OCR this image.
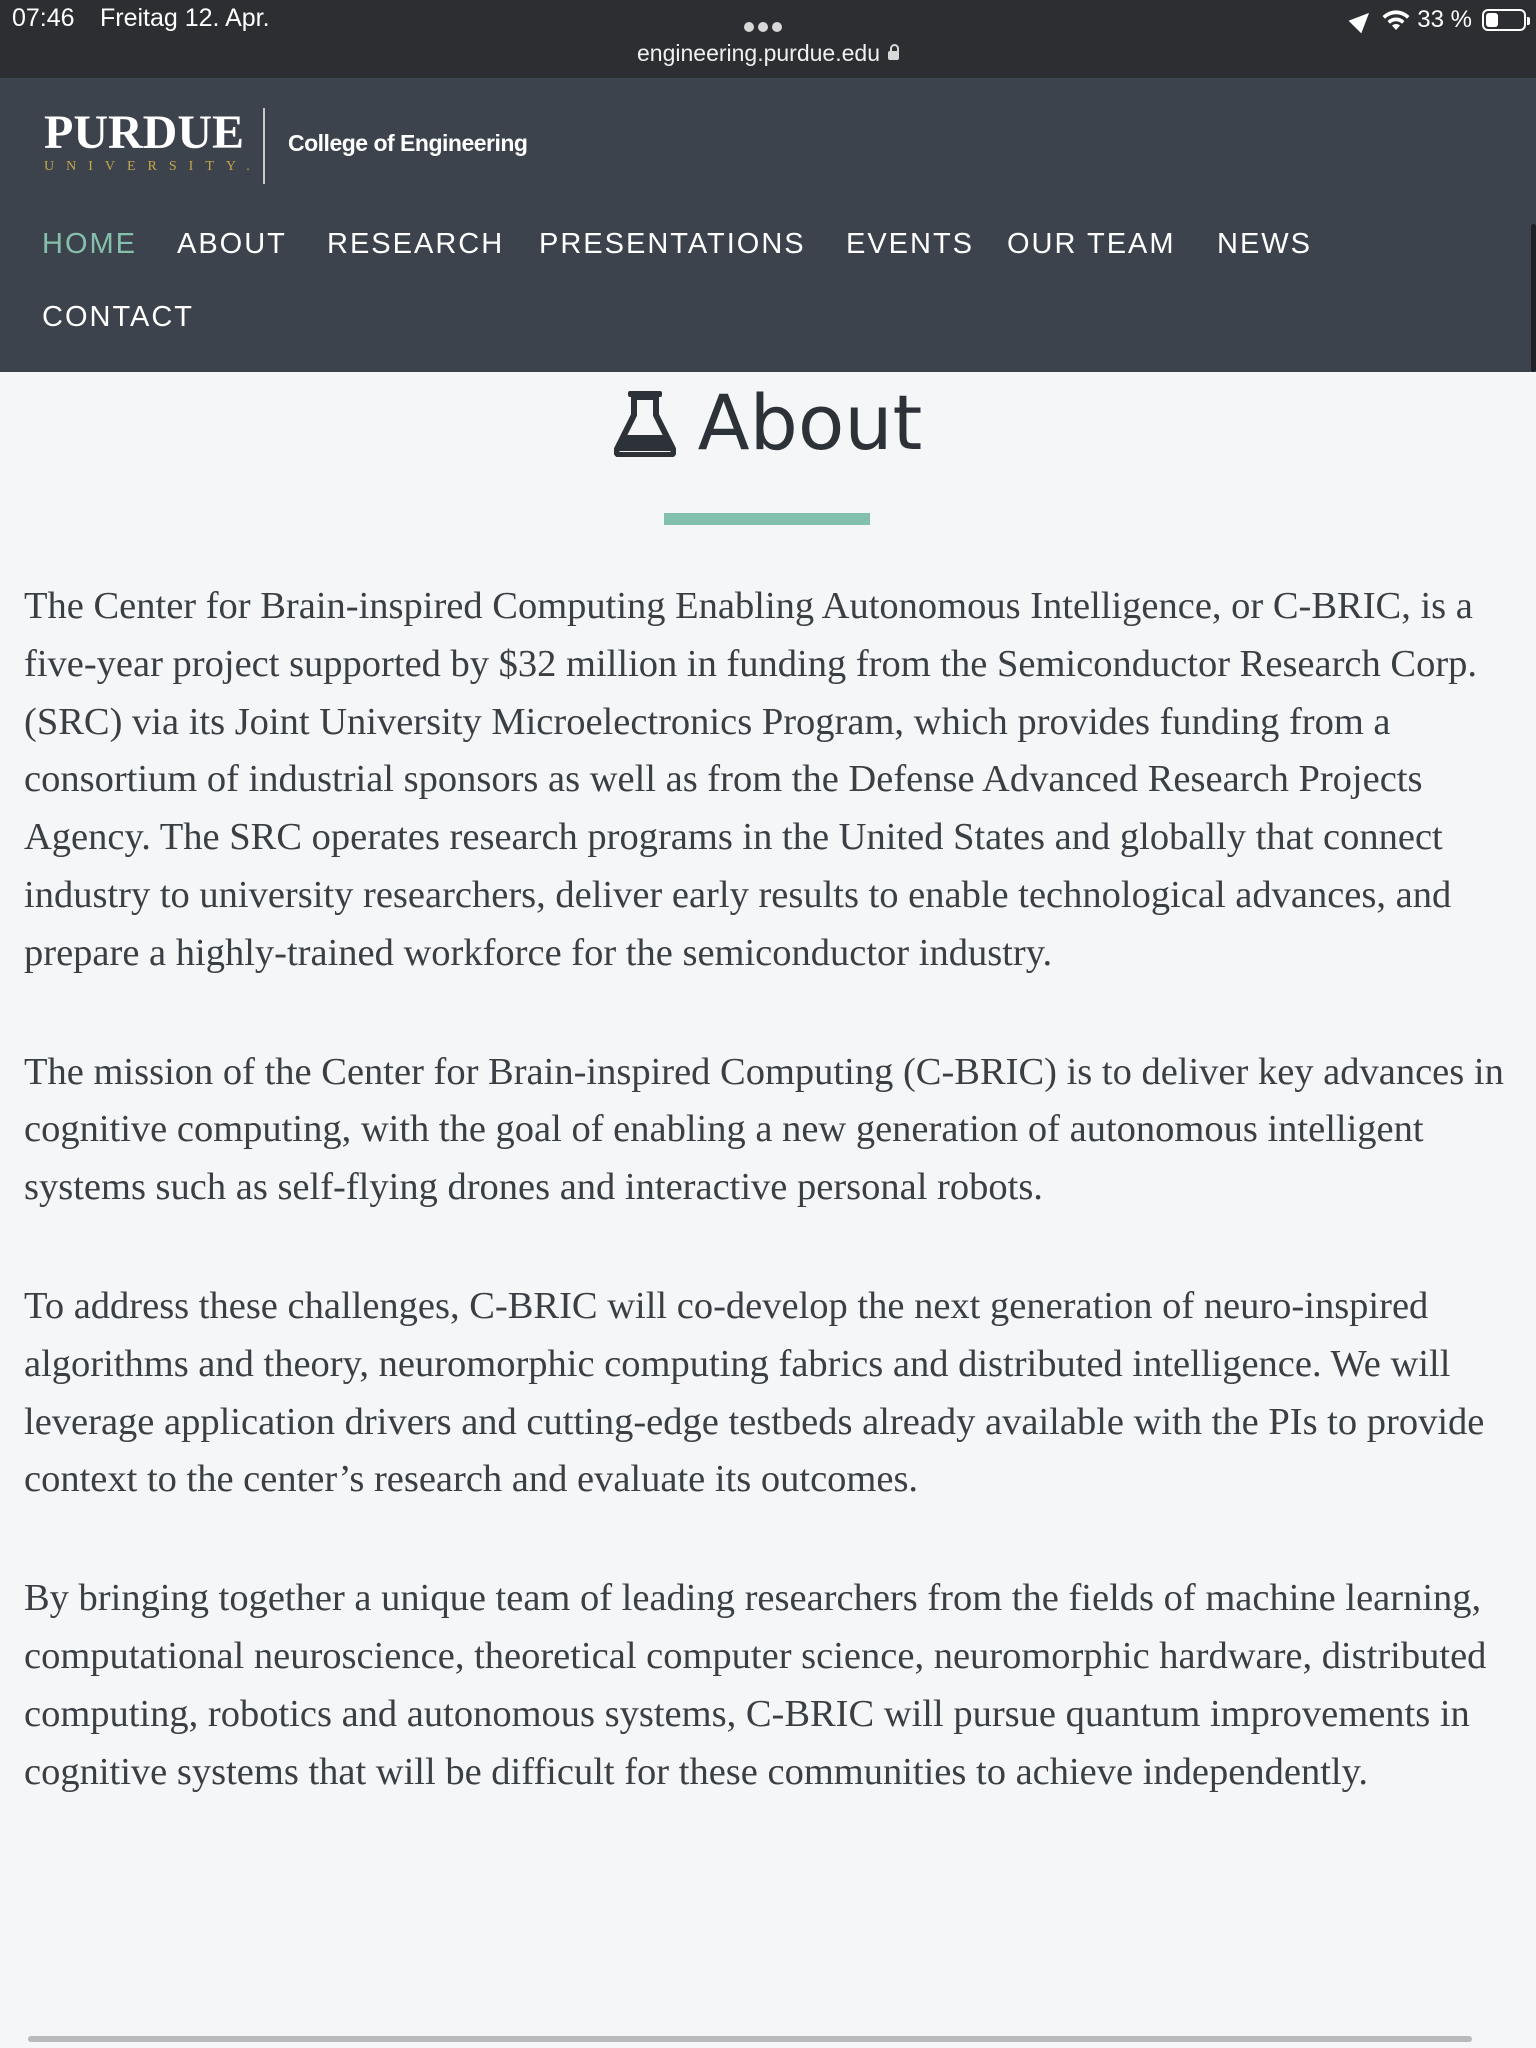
07:46 Freitag 12. Apr.
engineering.purdue.edu
33 %
PURDUE
UNIVERSITY.
College of Engineering
HOME ABOUT RESEARCH PRESENTATIONS EVENTS OUR TEAM NEWS
CONTACT
About

The Center for Brain-inspired Computing Enabling Autonomous Intelligence, or C-BRIC, is a five-year project supported by $32 million in funding from the Semiconductor Research Corp. (SRC) via its Joint University Microelectronics Program, which provides funding from a consortium of industrial sponsors as well as from the Defense Advanced Research Projects Agency. The SRC operates research programs in the United States and globally that connect industry to university researchers, deliver early results to enable technological advances, and prepare a highly-trained workforce for the semiconductor industry.

The mission of the Center for Brain-inspired Computing (C-BRIC) is to deliver key advances in cognitive computing, with the goal of enabling a new generation of autonomous intelligent systems such as self-flying drones and interactive personal robots.

To address these challenges, C-BRIC will co-develop the next generation of neuro-inspired algorithms and theory, neuromorphic computing fabrics and distributed intelligence. We will leverage application drivers and cutting-edge testbeds already available with the PIs to provide context to the center’s research and evaluate its outcomes.

By bringing together a unique team of leading researchers from the fields of machine learning, computational neuroscience, theoretical computer science, neuromorphic hardware, distributed computing, robotics and autonomous systems, C-BRIC will pursue quantum improvements in cognitive systems that will be difficult for these communities to achieve independently.
